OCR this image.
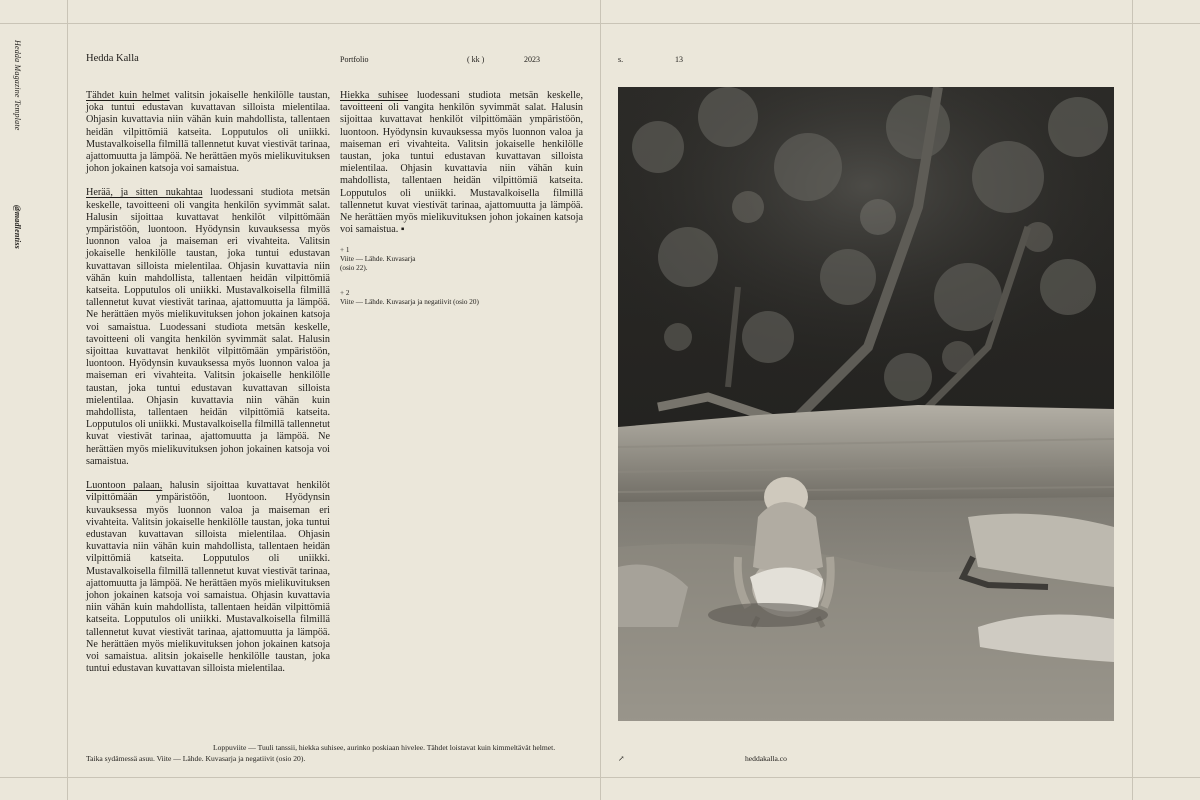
Hedda Magazine Template
@madlentiss
Hedda Kalla	Portfolio	( kk )	2023	s.	13

Tähdet kuin helmet valitsin jokaiselle henkilölle taustan, joka tuntui edustavan kuvattavan silloista mielentilaa. Ohjasin kuvattavia niin vähän kuin mahdollista, tallentaen heidän vilpittömiä katseita. Lopputulos oli uniikki. Mustavalkoisella filmillä tallennetut kuvat viestivät tarinaa, ajattomuutta ja lämpöä. Ne herättäen myös mielikuvituksen johon jokainen katsoja voi samaistua.

Herää, ja sitten nukahtaa luodessani studiota metsän keskelle, tavoitteeni oli vangita henkilön syvimmät salat. Halusin sijoittaa kuvattavat henkilöt vilpittömään ympäristöön, luontoon. Hyödynsin kuvauksessa myös luonnon valoa ja maiseman eri vivahteita. Valitsin jokaiselle henkilölle taustan, joka tuntui edustavan kuvattavan silloista mielentilaa. Ohjasin kuvattavia niin vähän kuin mahdollista, tallentaen heidän vilpittömiä katseita. Lopputulos oli uniikki. Mustavalkoisella filmillä tallennetut kuvat viestivät tarinaa, ajattomuutta ja lämpöä. Ne herättäen myös mielikuvituksen johon jokainen katsoja voi samaistua. Luodessani studiota metsän keskelle, tavoitteeni oli vangita henkilön syvimmät salat. Halusin sijoittaa kuvattavat henkilöt vilpittömään ympäristöön, luontoon. Hyödynsin kuvauksessa myös luonnon valoa ja maiseman eri vivahteita. Valitsin jokaiselle henkilölle taustan, joka tuntui edustavan kuvattavan silloista mielentilaa. Ohjasin kuvattavia niin vähän kuin mahdollista, tallentaen heidän vilpittömiä katseita. Lopputulos oli uniikki. Mustavalkoisella filmillä tallennetut kuvat viestivät tarinaa, ajattomuutta ja lämpöä. Ne herättäen myös mielikuvituksen johon jokainen katsoja voi samaistua.

Luontoon palaan, halusin sijoittaa kuvattavat henkilöt vilpittömään ympäristöön, luontoon. Hyödynsin kuvauksessa myös luonnon valoa ja maiseman eri vivahteita. Valitsin jokaiselle henkilölle taustan, joka tuntui edustavan kuvattavan silloista mielentilaa. Ohjasin kuvattavia niin vähän kuin mahdollista, tallentaen heidän vilpittömiä katseita. Lopputulos oli uniikki. Mustavalkoisella filmillä tallennetut kuvat viestivät tarinaa, ajattomuutta ja lämpöä. Ne herättäen myös mielikuvituksen johon jokainen katsoja voi samaistua. Ohjasin kuvattavia niin vähän kuin mahdollista, tallentaen heidän vilpittömiä katseita. Lopputulos oli uniikki. Mustavalkoisella filmillä tallennetut kuvat viestivät tarinaa, ajattomuutta ja lämpöä. Ne herättäen myös mielikuvituksen johon jokainen katsoja voi samaistua. alitsin jokaiselle henkilölle taustan, joka tuntui edustavan kuvattavan silloista mielentilaa.

Hiekka suhisee luodessani studiota metsän keskelle, tavoitteeni oli vangita henkilön syvimmät salat. Halusin sijoittaa kuvattavat henkilöt vilpittömään ympäristöön, luontoon. Hyödynsin kuvauksessa myös luonnon valoa ja maiseman eri vivahteita. Valitsin jokaiselle henkilölle taustan, joka tuntui edustavan kuvattavan silloista mielentilaa. Ohjasin kuvattavia niin vähän kuin mahdollista, tallentaen heidän vilpittömiä katseita. Lopputulos oli uniikki. Mustavalkoisella filmillä tallennetut kuvat viestivät tarinaa, ajattomuutta ja lämpöä. Ne herättäen myös mielikuvituksen johon jokainen katsoja voi samaistua. ▪

+ 1
Viite — Lähde. Kuvasarja
(osio 22).
+ 2
Viite — Lähde. Kuvasarja ja negatiivit (osio 20)
Loppuviite — Tuuli tanssii, hiekka suhisee, aurinko poskiaan hivelee. Tähdet loistavat kuin kimmeltävät helmet.
Taika sydämessä asuu. Viite — Lähde. Kuvasarja ja negatiivit (osio 20).	↗	heddakalla.co
